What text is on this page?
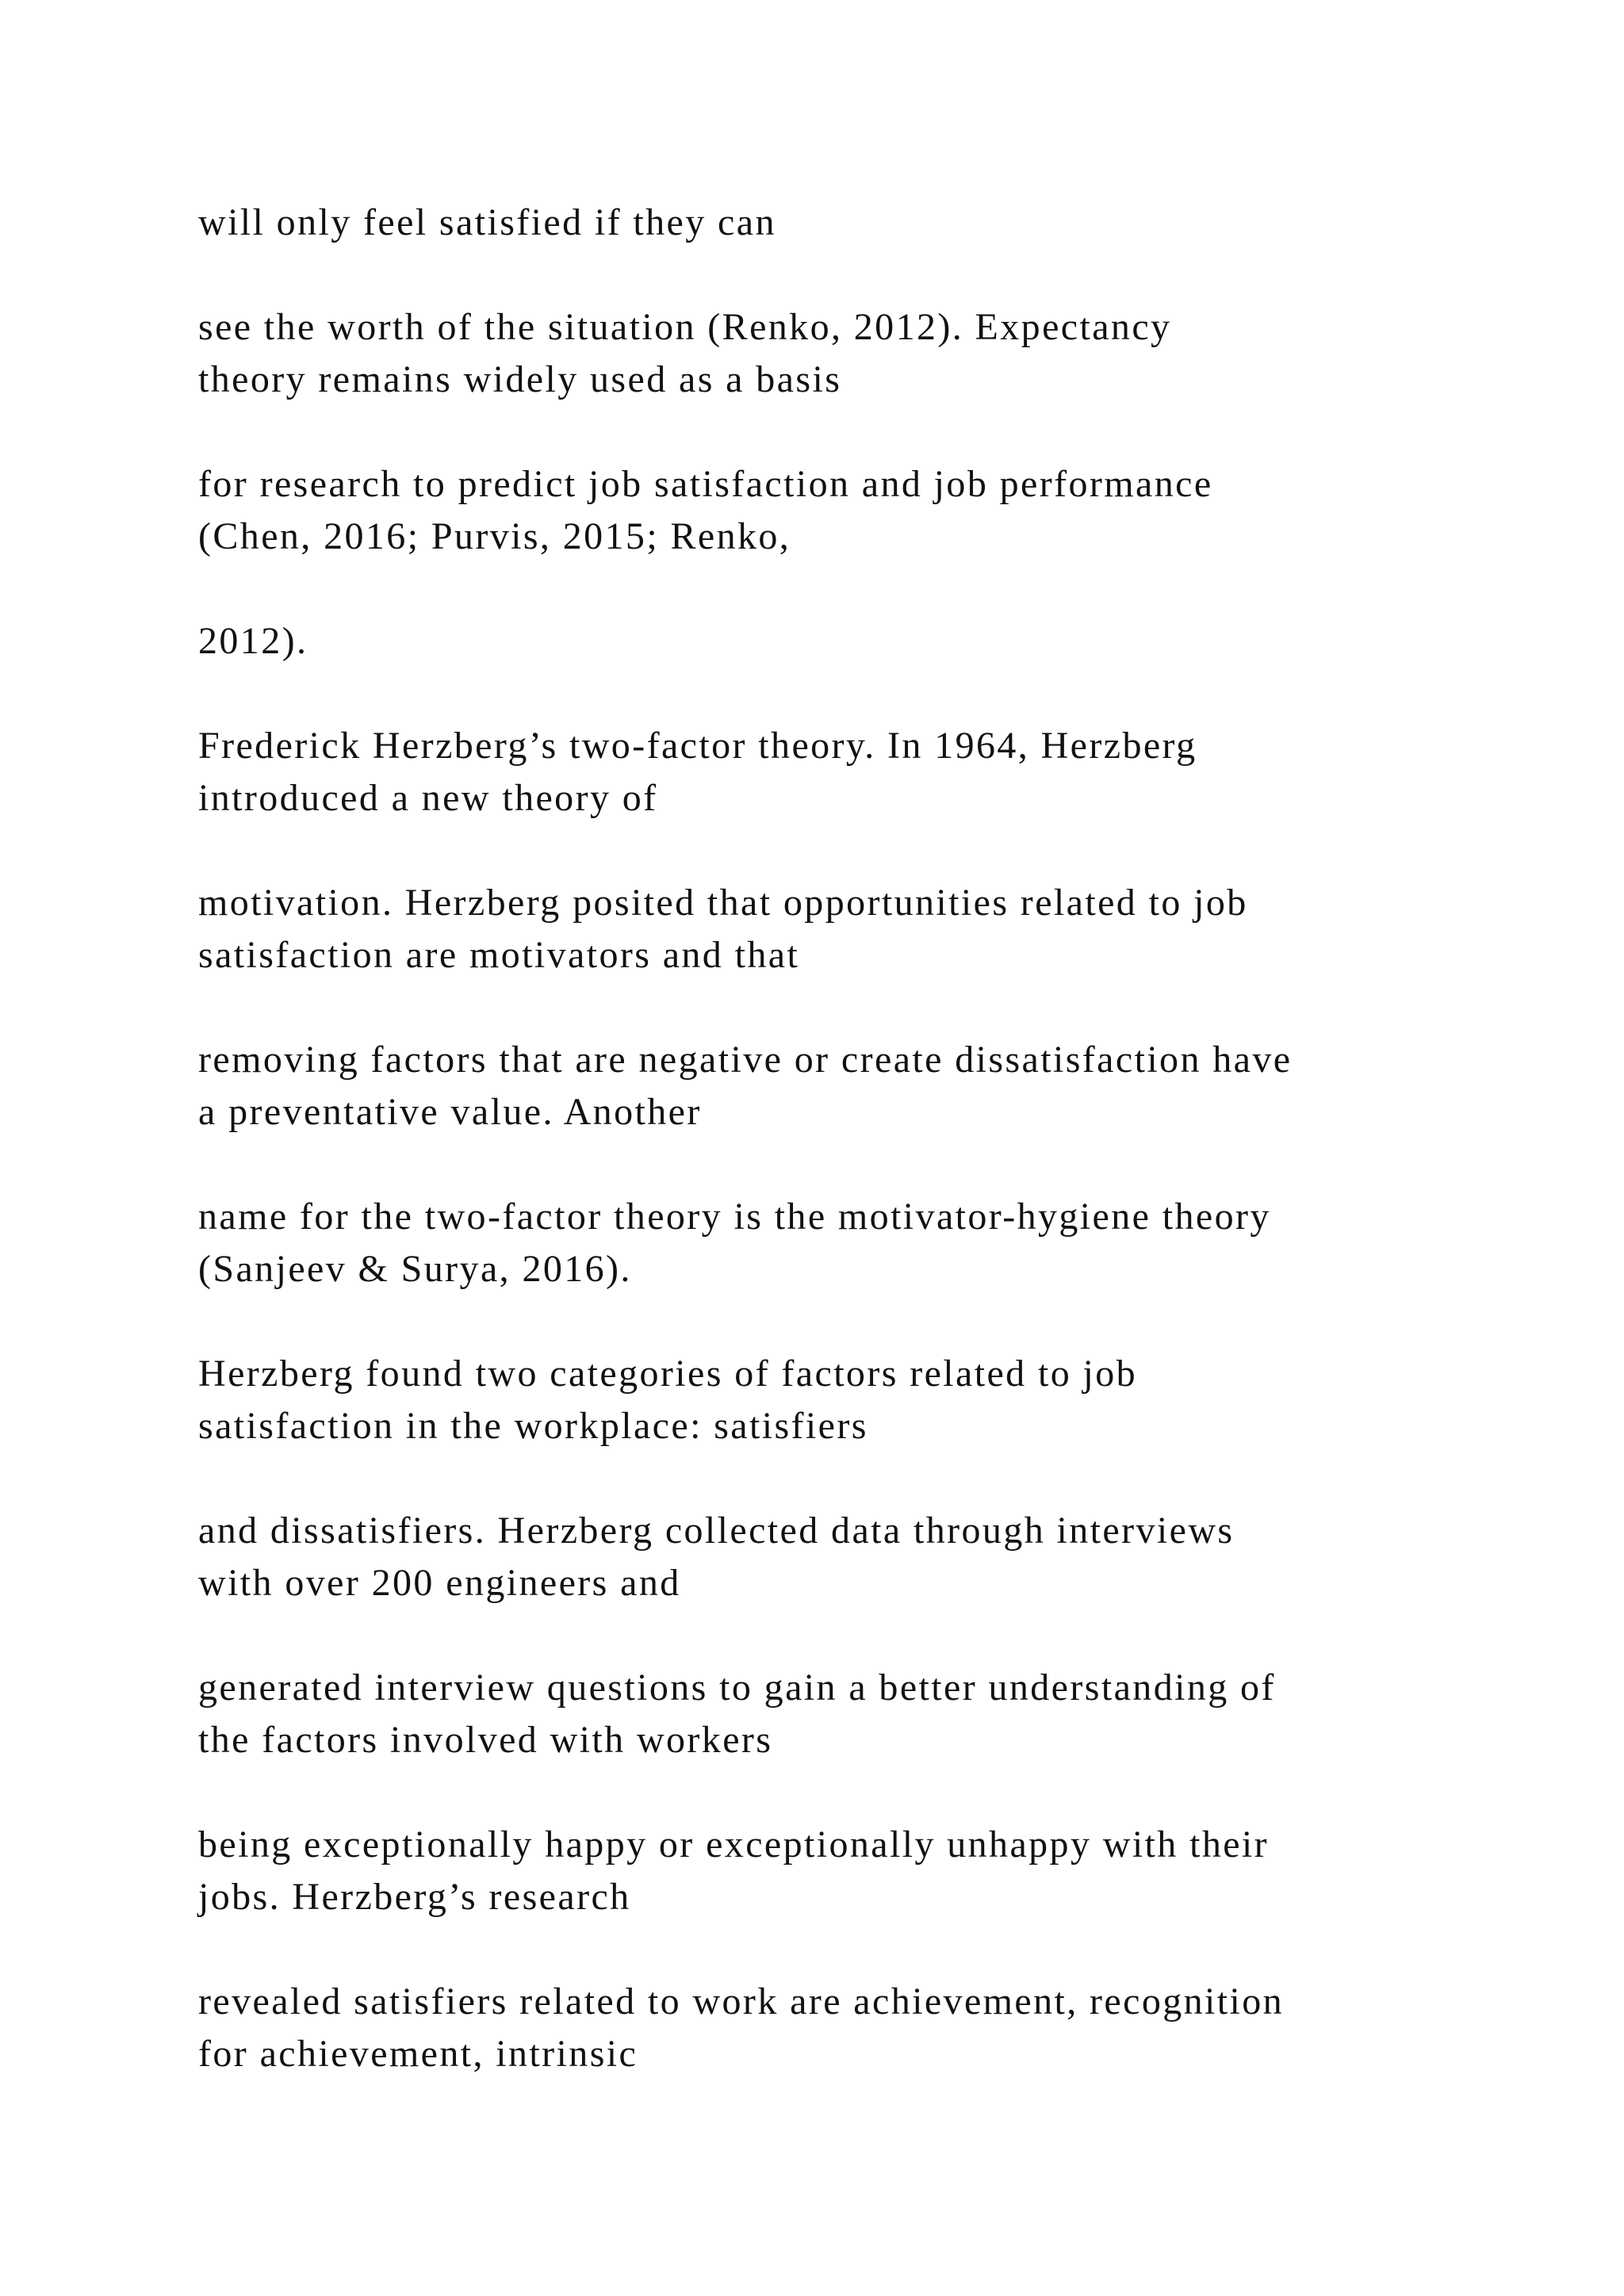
will only feel satisfied if they can

see the worth of the situation (Renko, 2012). Expectancy
theory remains widely used as a basis

for research to predict job satisfaction and job performance
(Chen, 2016; Purvis, 2015; Renko,

2012).

Frederick Herzberg’s two-factor theory. In 1964, Herzberg
introduced a new theory of

motivation. Herzberg posited that opportunities related to job
satisfaction are motivators and that

removing factors that are negative or create dissatisfaction have
a preventative value. Another

name for the two-factor theory is the motivator-hygiene theory
(Sanjeev & Surya, 2016).

Herzberg found two categories of factors related to job
satisfaction in the workplace: satisfiers

and dissatisfiers. Herzberg collected data through interviews
with over 200 engineers and

generated interview questions to gain a better understanding of
the factors involved with workers

being exceptionally happy or exceptionally unhappy with their
jobs. Herzberg’s research

revealed satisfiers related to work are achievement, recognition
for achievement, intrinsic
